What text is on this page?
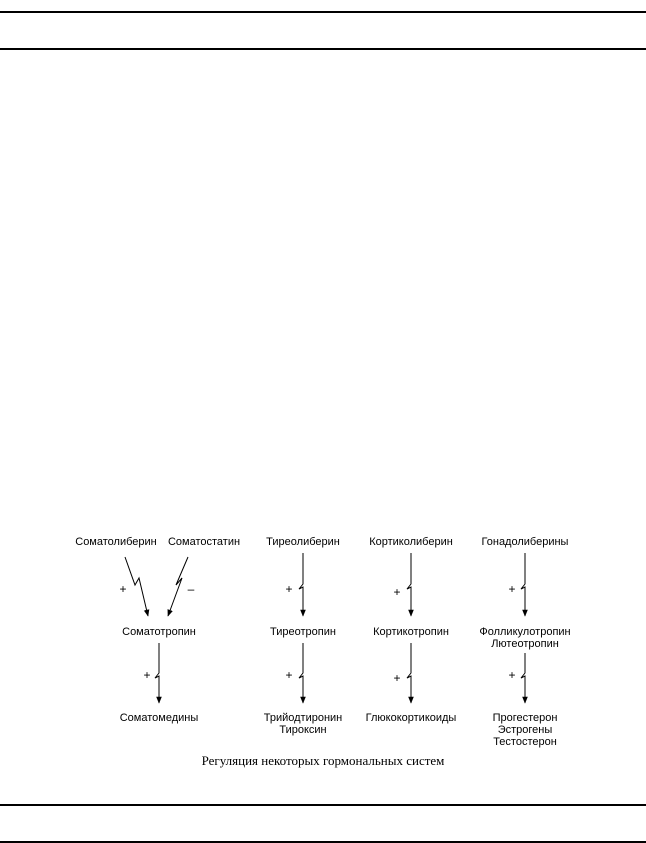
Соматолиберин Соматостатин
+	–
Соматотропин
+
Соматомедины
Тиреолиберин
+
Тиреотропин
+
Трийодтиронин
Тироксин
Кортиколиберин
+
Кортикотропин
+
Глюкокортикоиды
Гонадолиберины
+
Фолликулотропин
Лютеотропин
+
Прогестерон
Эстрогены
Тестостерон
Регуляция некоторых гормональных систем
